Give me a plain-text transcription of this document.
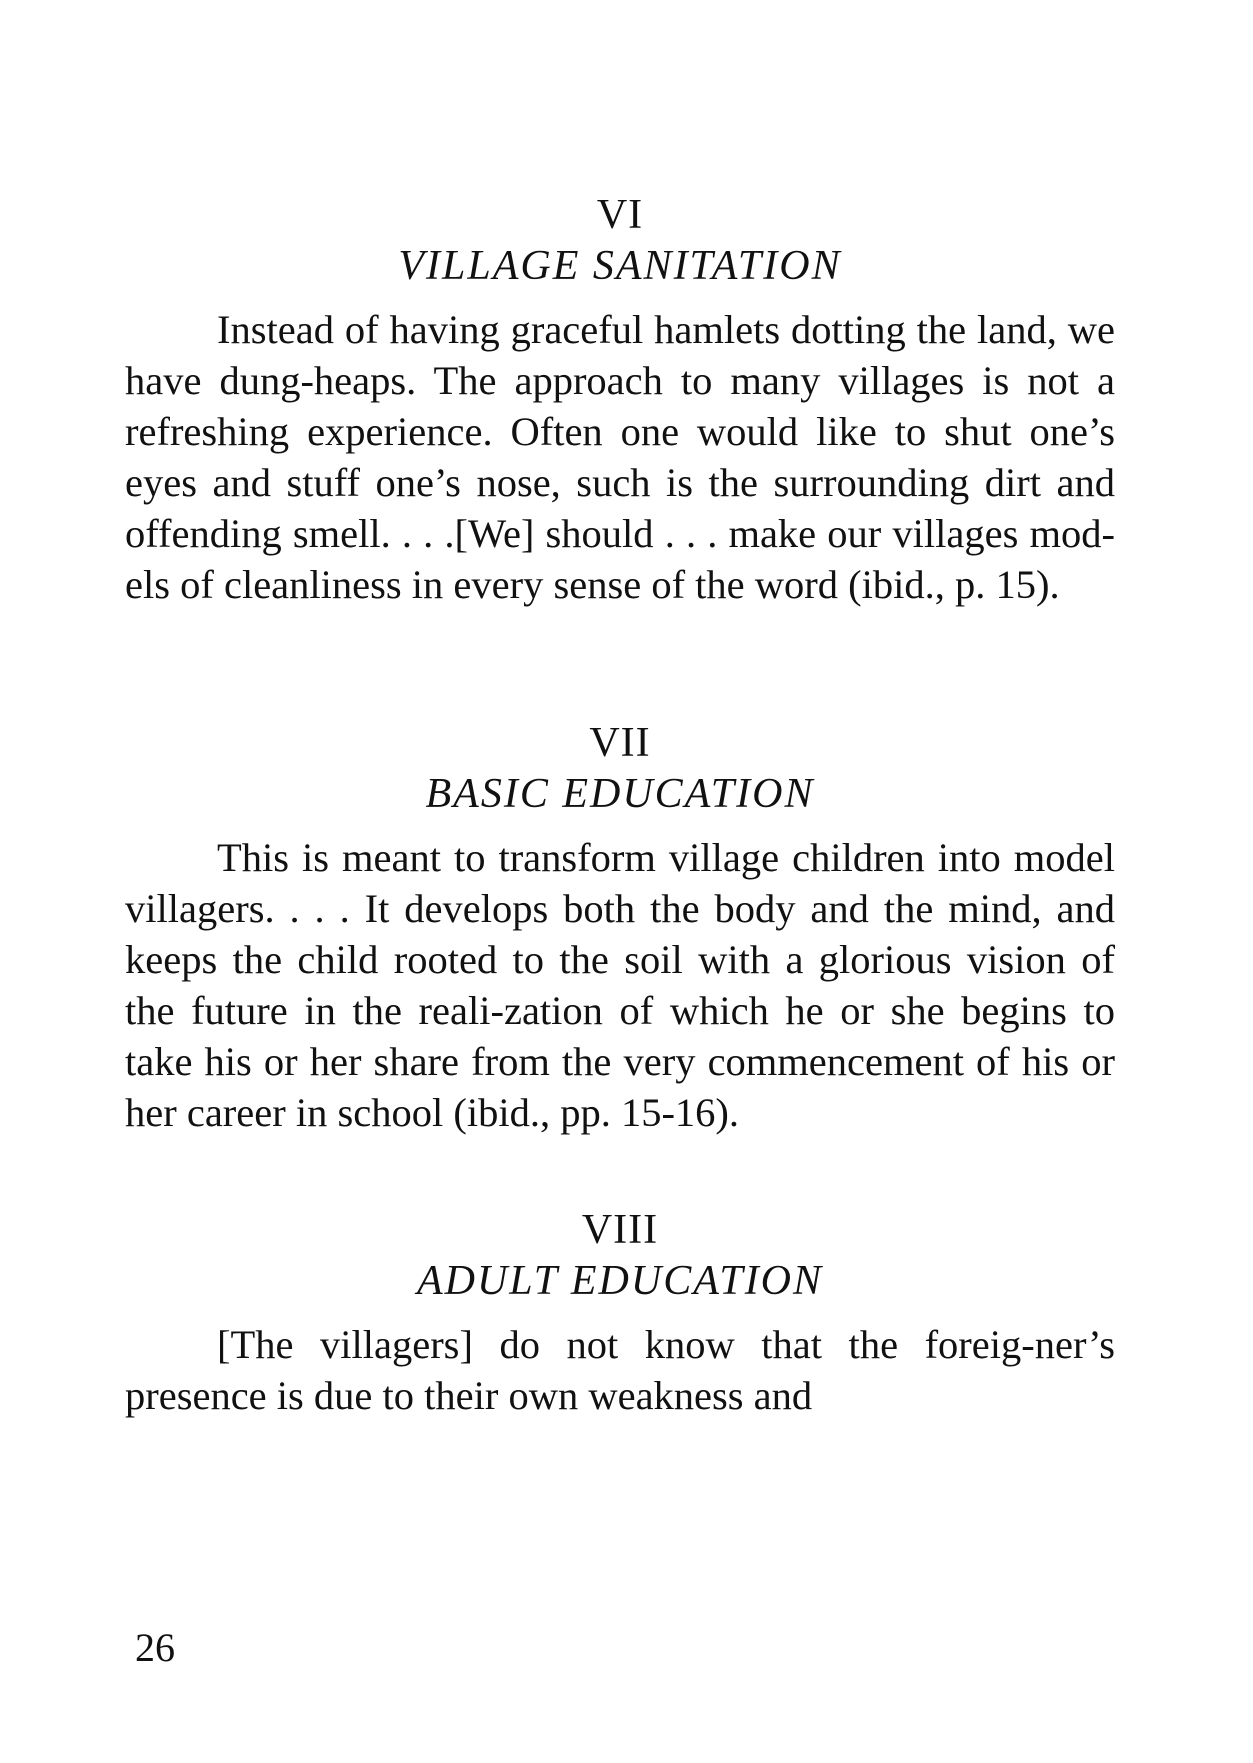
VI

VILLAGE SANITATION

Instead of having graceful hamlets dotting the land, we have dung-heaps. The approach to many villages is not a refreshing experience. Often one would like to shut one’s eyes and stuff one’s nose, such is the surrounding dirt and offending smell. . . .[We] should . . . make our villages mod-els of cleanliness in every sense of the word (ibid., p. 15).

VII

BASIC EDUCATION

This is meant to transform village children into model villagers. . . . It develops both the body and the mind, and keeps the child rooted to the soil with a glorious vision of the future in the reali-zation of which he or she begins to take his or her share from the very commencement of his or her career in school (ibid., pp. 15-16).

VIII

ADULT EDUCATION

[The villagers] do not know that the foreig-ner’s presence is due to their own weakness and

26
